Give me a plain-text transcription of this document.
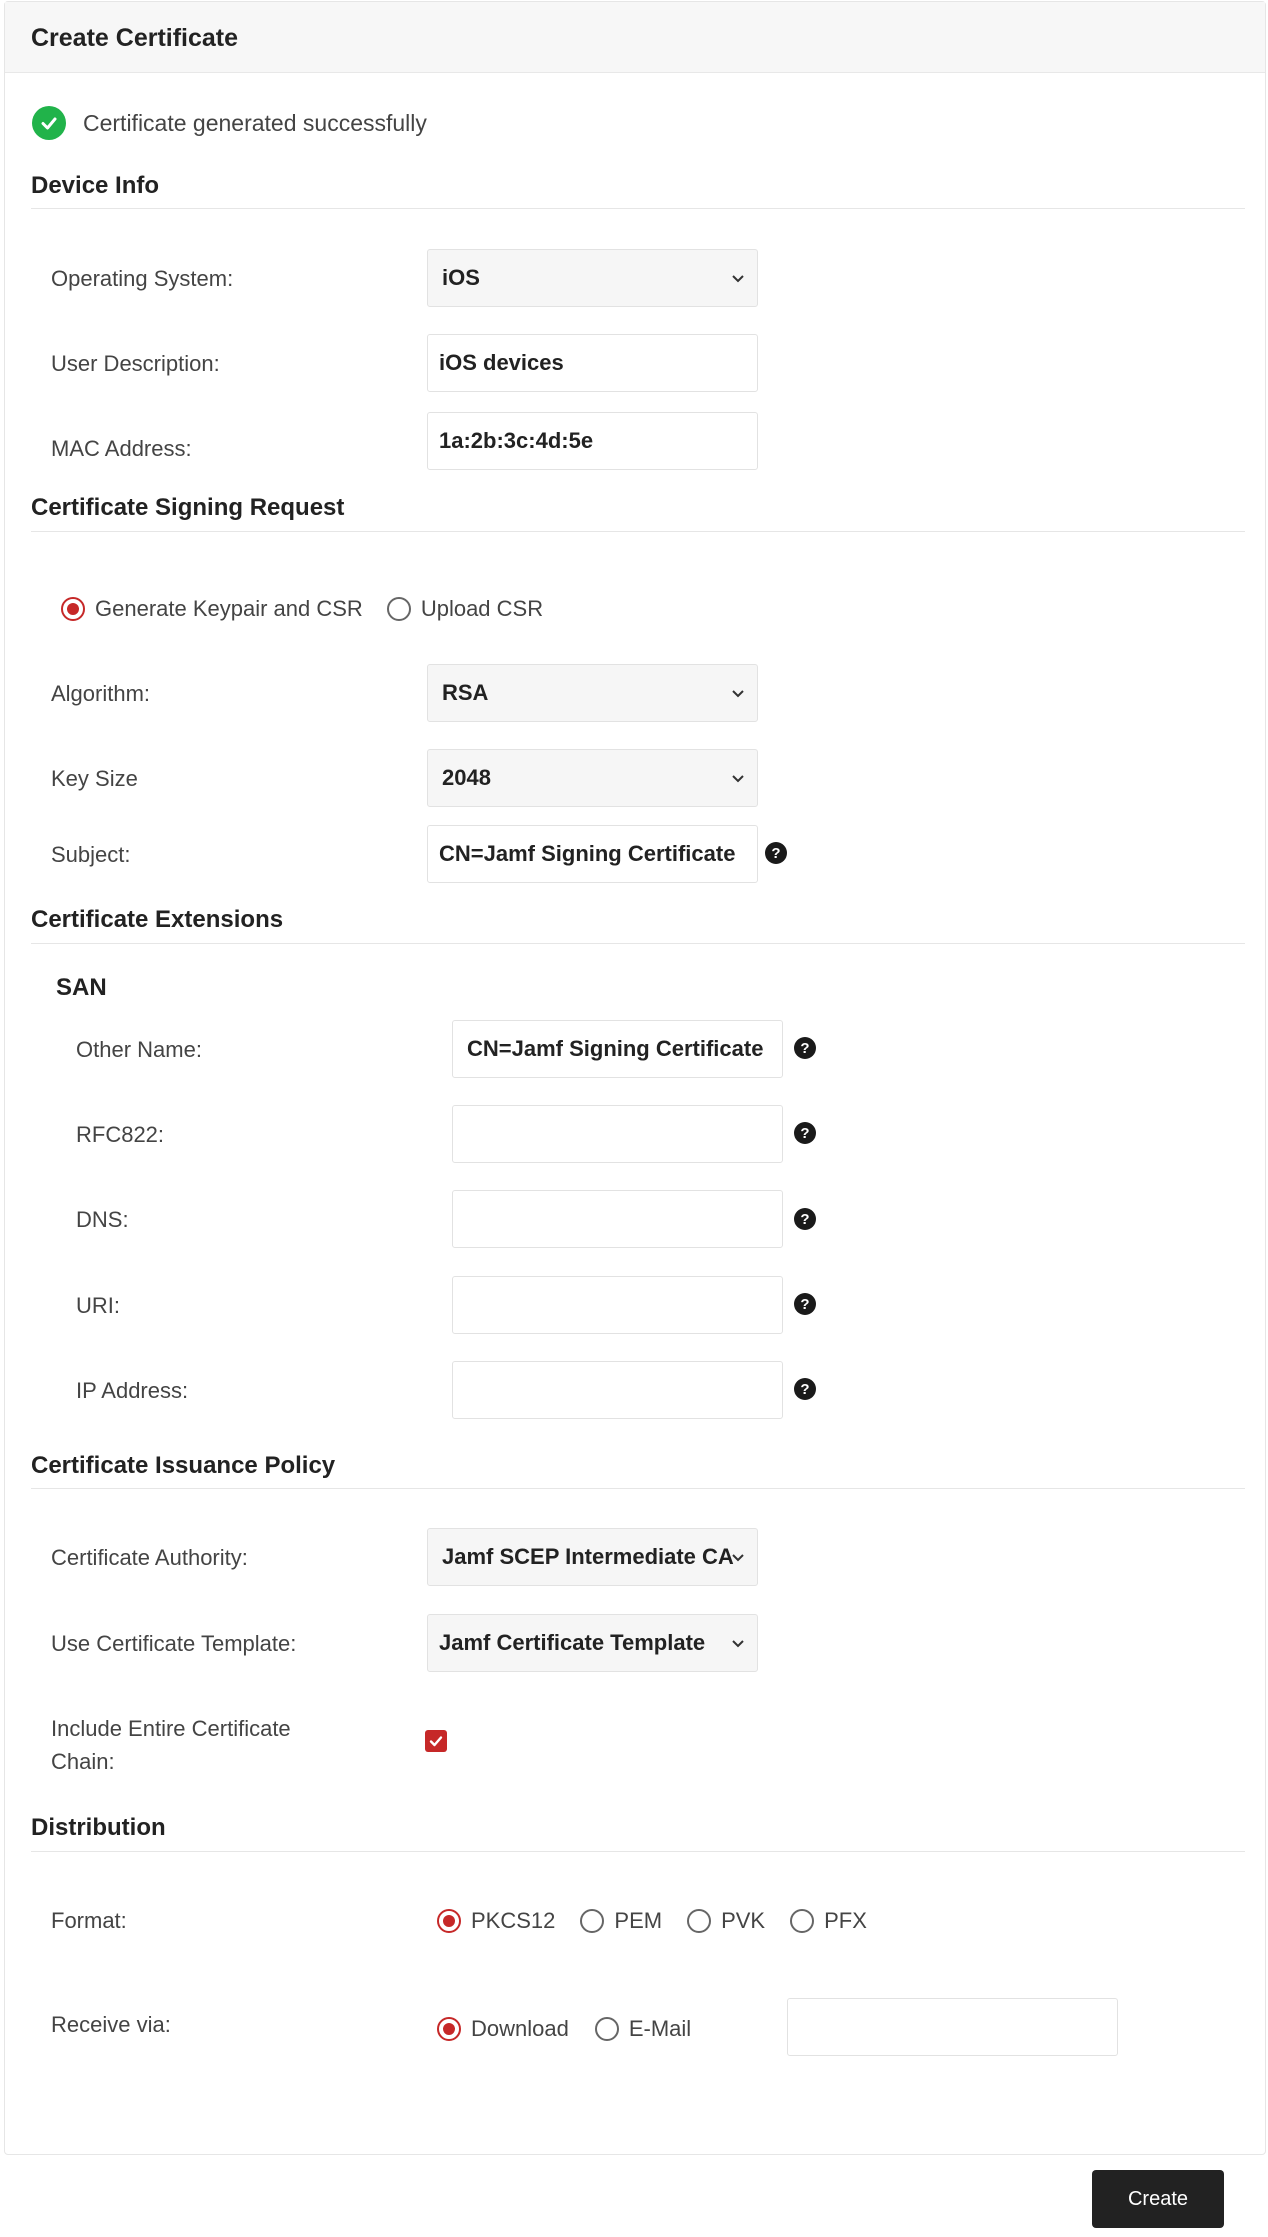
Create Certificate
Certificate generated successfully
Device Info
Operating System:	iOS
User Description:	iOS devices
MAC Address:	1a:2b:3c:4d:5e
Certificate Signing Request
Generate Keypair and CSR	Upload CSR
Algorithm:	RSA
Key Size	2048
Subject:	CN=Jamf Signing Certificate	?
Certificate Extensions
SAN
Other Name:	CN=Jamf Signing Certificate	?
RFC822:	?
DNS:	?
URI:	?
IP Address:	?
Certificate Issuance Policy
Certificate Authority:	Jamf SCEP Intermediate CA
Use Certificate Template:	Jamf Certificate Template
Include Entire Certificate
Chain:
Distribution
Format:	PKCS12	PEM	PVK	PFX
Receive via:	Download	E-Mail
Create
